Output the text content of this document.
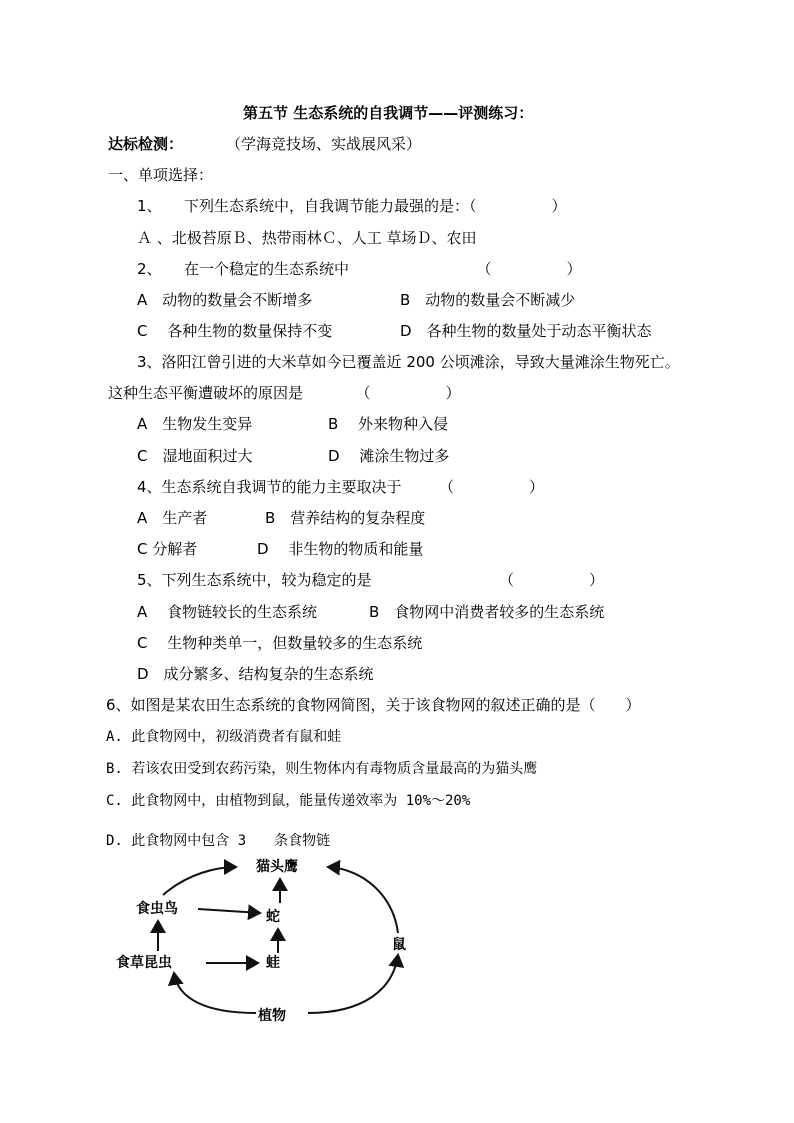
第五节 生态系统的自我调节——评测练习：
达标检测：	（学海竞技场、实战展风采）
一、单项选择：
1、　　下列生态系统中，自我调节能力最强的是：（　　　　　）
Ａ 、北极苔原Ｂ、热带雨林Ｃ、人工 草场Ｄ、农田
2、　　在一个稳定的生态系统中　　　　　　　　　（　　　　　）
A　动物的数量会不断增多	B　动物的数量会不断减少
C　 各种生物的数量保持不变	D　各种生物的数量处于动态平衡状态
3、洛阳江曾引进的大米草如今已覆盖近 200 公顷滩涂，导致大量滩涂生物死亡。
这种生态平衡遭破坏的原因是　　　　（　　　　　）
A　生物发生变异	B　 外来物种入侵
C　湿地面积过大	D　 滩涂生物过多
4、生态系统自我调节的能力主要取决于　　　（　　　　　）
A　生产者	B　营养结构的复杂程度
C 分解者	D　 非生物的物质和能量
5、下列生态系统中，较为稳定的是　　　　　　　　　（　　　　　）
A　 食物链较长的生态系统	B　食物网中消费者较多的生态系统
C　 生物种类单一，但数量较多的生态系统
D　成分繁多、结构复杂的生态系统
6、如图是某农田生态系统的食物网简图，关于该食物网的叙述正确的是（　　）
A. 此食物网中，初级消费者有鼠和蛙
B. 若该农田受到农药污染，则生物体内有毒物质含量最高的为猫头鹰
C. 此食物网中，由植物到鼠，能量传递效率为 10%～20%
D. 此食物网中包含 3　　条食物链
猫头鹰
食虫鸟	蛇
食草昆虫	蛙
鼠
植物
